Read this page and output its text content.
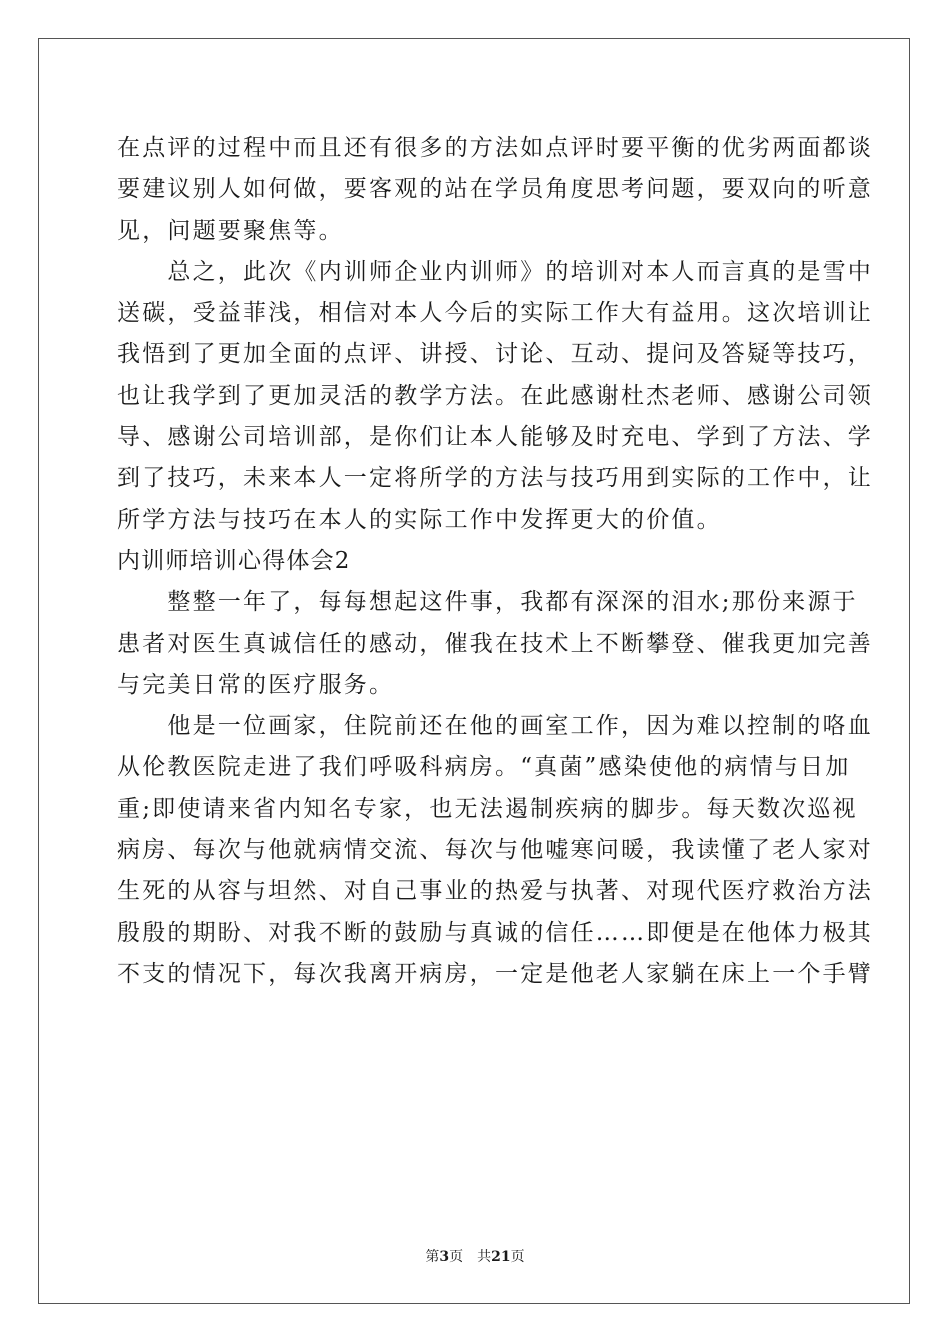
在点评的过程中而且还有很多的方法如点评时要平衡的优劣两面都谈
要建议别人如何做，要客观的站在学员角度思考问题，要双向的听意
见，问题要聚焦等。
　　总之，此次《内训师企业内训师》的培训对本人而言真的是雪中
送碳，受益菲浅，相信对本人今后的实际工作大有益用。这次培训让
我悟到了更加全面的点评、讲授、讨论、互动、提问及答疑等技巧，
也让我学到了更加灵活的教学方法。在此感谢杜杰老师、感谢公司领
导、感谢公司培训部，是你们让本人能够及时充电、学到了方法、学
到了技巧，未来本人一定将所学的方法与技巧用到实际的工作中，让
所学方法与技巧在本人的实际工作中发挥更大的价值。
内训师培训心得体会2
　　整整一年了，每每想起这件事，我都有深深的泪水;那份来源于
患者对医生真诚信任的感动，催我在技术上不断攀登、催我更加完善
与完美日常的医疗服务。
　　他是一位画家，住院前还在他的画室工作，因为难以控制的咯血
从伦教医院走进了我们呼吸科病房。“真菌”感染使他的病情与日加
重;即使请来省内知名专家，也无法遏制疾病的脚步。每天数次巡视
病房、每次与他就病情交流、每次与他嘘寒问暖，我读懂了老人家对
生死的从容与坦然、对自己事业的热爱与执著、对现代医疗救治方法
殷殷的期盼、对我不断的鼓励与真诚的信任……即便是在他体力极其
不支的情况下，每次我离开病房，一定是他老人家躺在床上一个手臂
第3页 共21页
